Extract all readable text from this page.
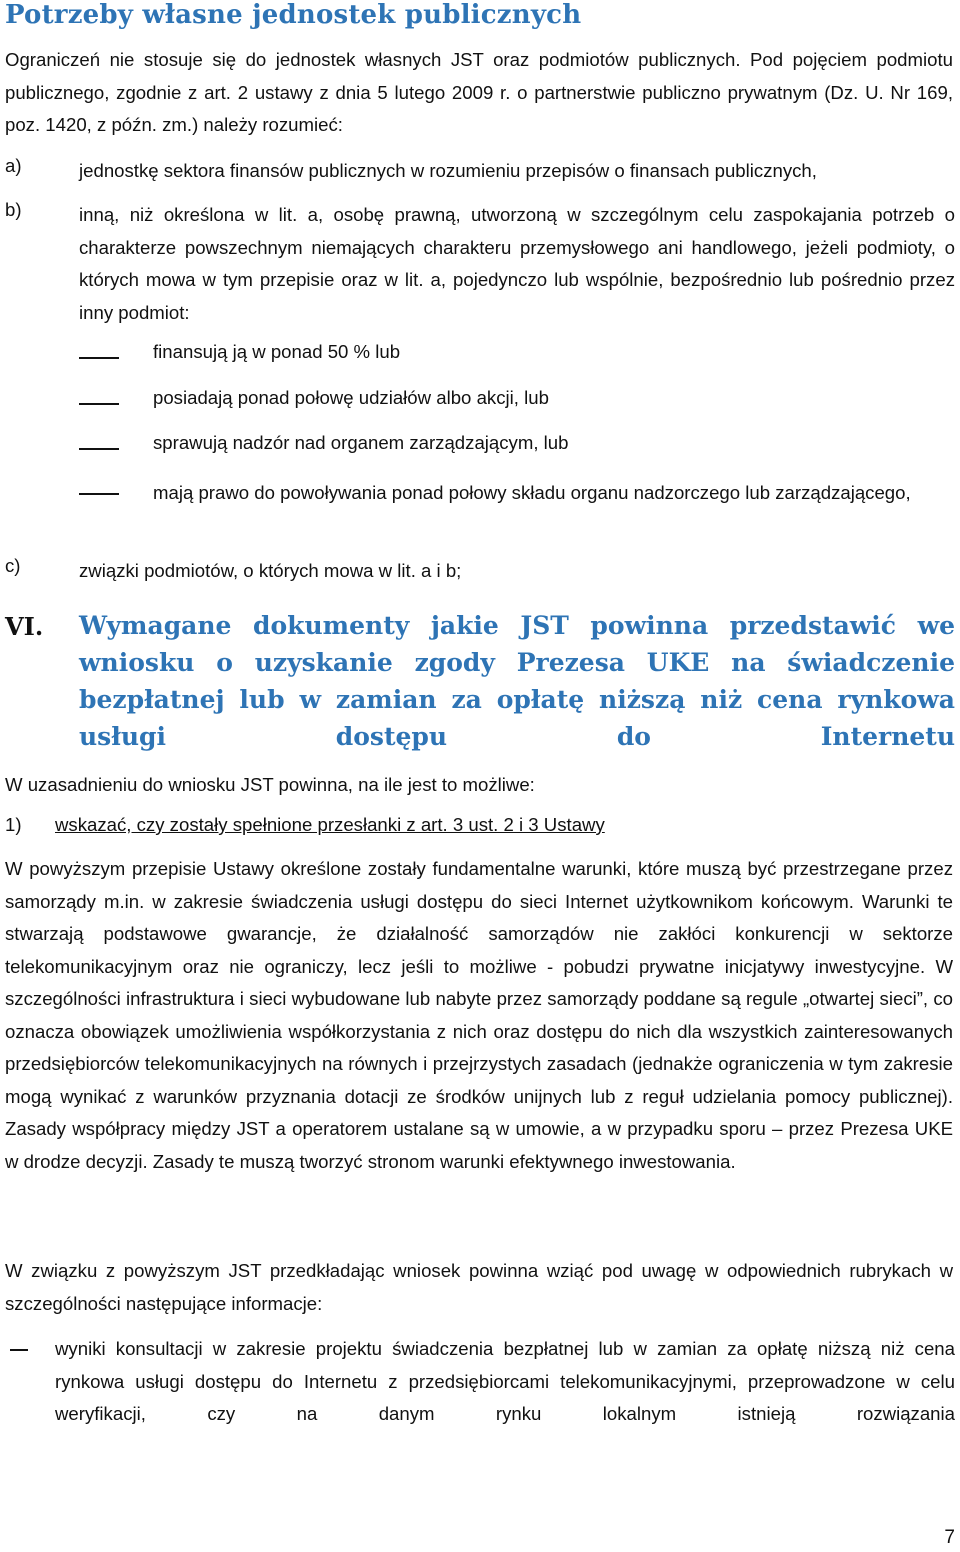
Potrzeby własne jednostek publicznych
Ograniczeń nie stosuje się do jednostek własnych JST oraz podmiotów publicznych. Pod pojęciem podmiotu publicznego, zgodnie z art. 2 ustawy z dnia 5 lutego 2009 r. o partnerstwie publiczno prywatnym (Dz. U. Nr 169, poz. 1420, z późn. zm.) należy rozumieć:
a)	jednostkę sektora finansów publicznych w rozumieniu przepisów o finansach publicznych,
b)	inną, niż określona w lit. a, osobę prawną, utworzoną w szczególnym celu zaspokajania potrzeb o charakterze powszechnym niemających charakteru przemysłowego ani handlowego, jeżeli podmioty, o których mowa w tym przepisie oraz w lit. a, pojedynczo lub wspólnie, bezpośrednio lub pośrednio przez inny podmiot:
finansują ją w ponad 50 % lub
posiadają ponad połowę udziałów albo akcji, lub
sprawują nadzór nad organem zarządzającym, lub
mają prawo do powoływania ponad połowy składu organu nadzorczego lub zarządzającego,
c)	związki podmiotów, o których mowa w lit. a i b;
VI. Wymagane dokumenty jakie JST powinna przedstawić we wniosku o uzyskanie zgody Prezesa UKE na świadczenie bezpłatnej lub w zamian za opłatę niższą niż cena rynkowa usługi dostępu do Internetu
W uzasadnieniu do wniosku JST powinna, na ile jest to możliwe:
1) wskazać, czy zostały spełnione przesłanki z art. 3 ust. 2 i 3 Ustawy
W powyższym przepisie Ustawy określone zostały fundamentalne warunki, które muszą być przestrzegane przez samorządy m.in. w zakresie świadczenia usługi dostępu do sieci Internet użytkownikom końcowym. Warunki te stwarzają podstawowe gwarancje, że działalność samorządów nie zakłóci konkurencji w sektorze telekomunikacyjnym oraz nie ograniczy, lecz jeśli to możliwe - pobudzi prywatne inicjatywy inwestycyjne. W szczególności infrastruktura i sieci wybudowane lub nabyte przez samorządy poddane są regule „otwartej sieci”, co oznacza obowiązek umożliwienia współkorzystania z nich oraz dostępu do nich dla wszystkich zainteresowanych przedsiębiorców telekomunikacyjnych na równych i przejrzystych zasadach (jednakże ograniczenia w tym zakresie mogą wynikać z warunków przyznania dotacji ze środków unijnych lub z reguł udzielania pomocy publicznej). Zasady współpracy między JST a operatorem ustalane są w umowie, a w przypadku sporu – przez Prezesa UKE w drodze decyzji. Zasady te muszą tworzyć stronom warunki efektywnego inwestowania.
W związku z powyższym JST przedkładając wniosek powinna wziąć pod uwagę w odpowiednich rubrykach w szczególności następujące informacje:
wyniki konsultacji w zakresie projektu świadczenia bezpłatnej lub w zamian za opłatę niższą niż cena rynkowa usługi dostępu do Internetu z przedsiębiorcami telekomunikacyjnymi, przeprowadzone w celu weryfikacji, czy na danym rynku lokalnym istnieją rozwiązania
7
